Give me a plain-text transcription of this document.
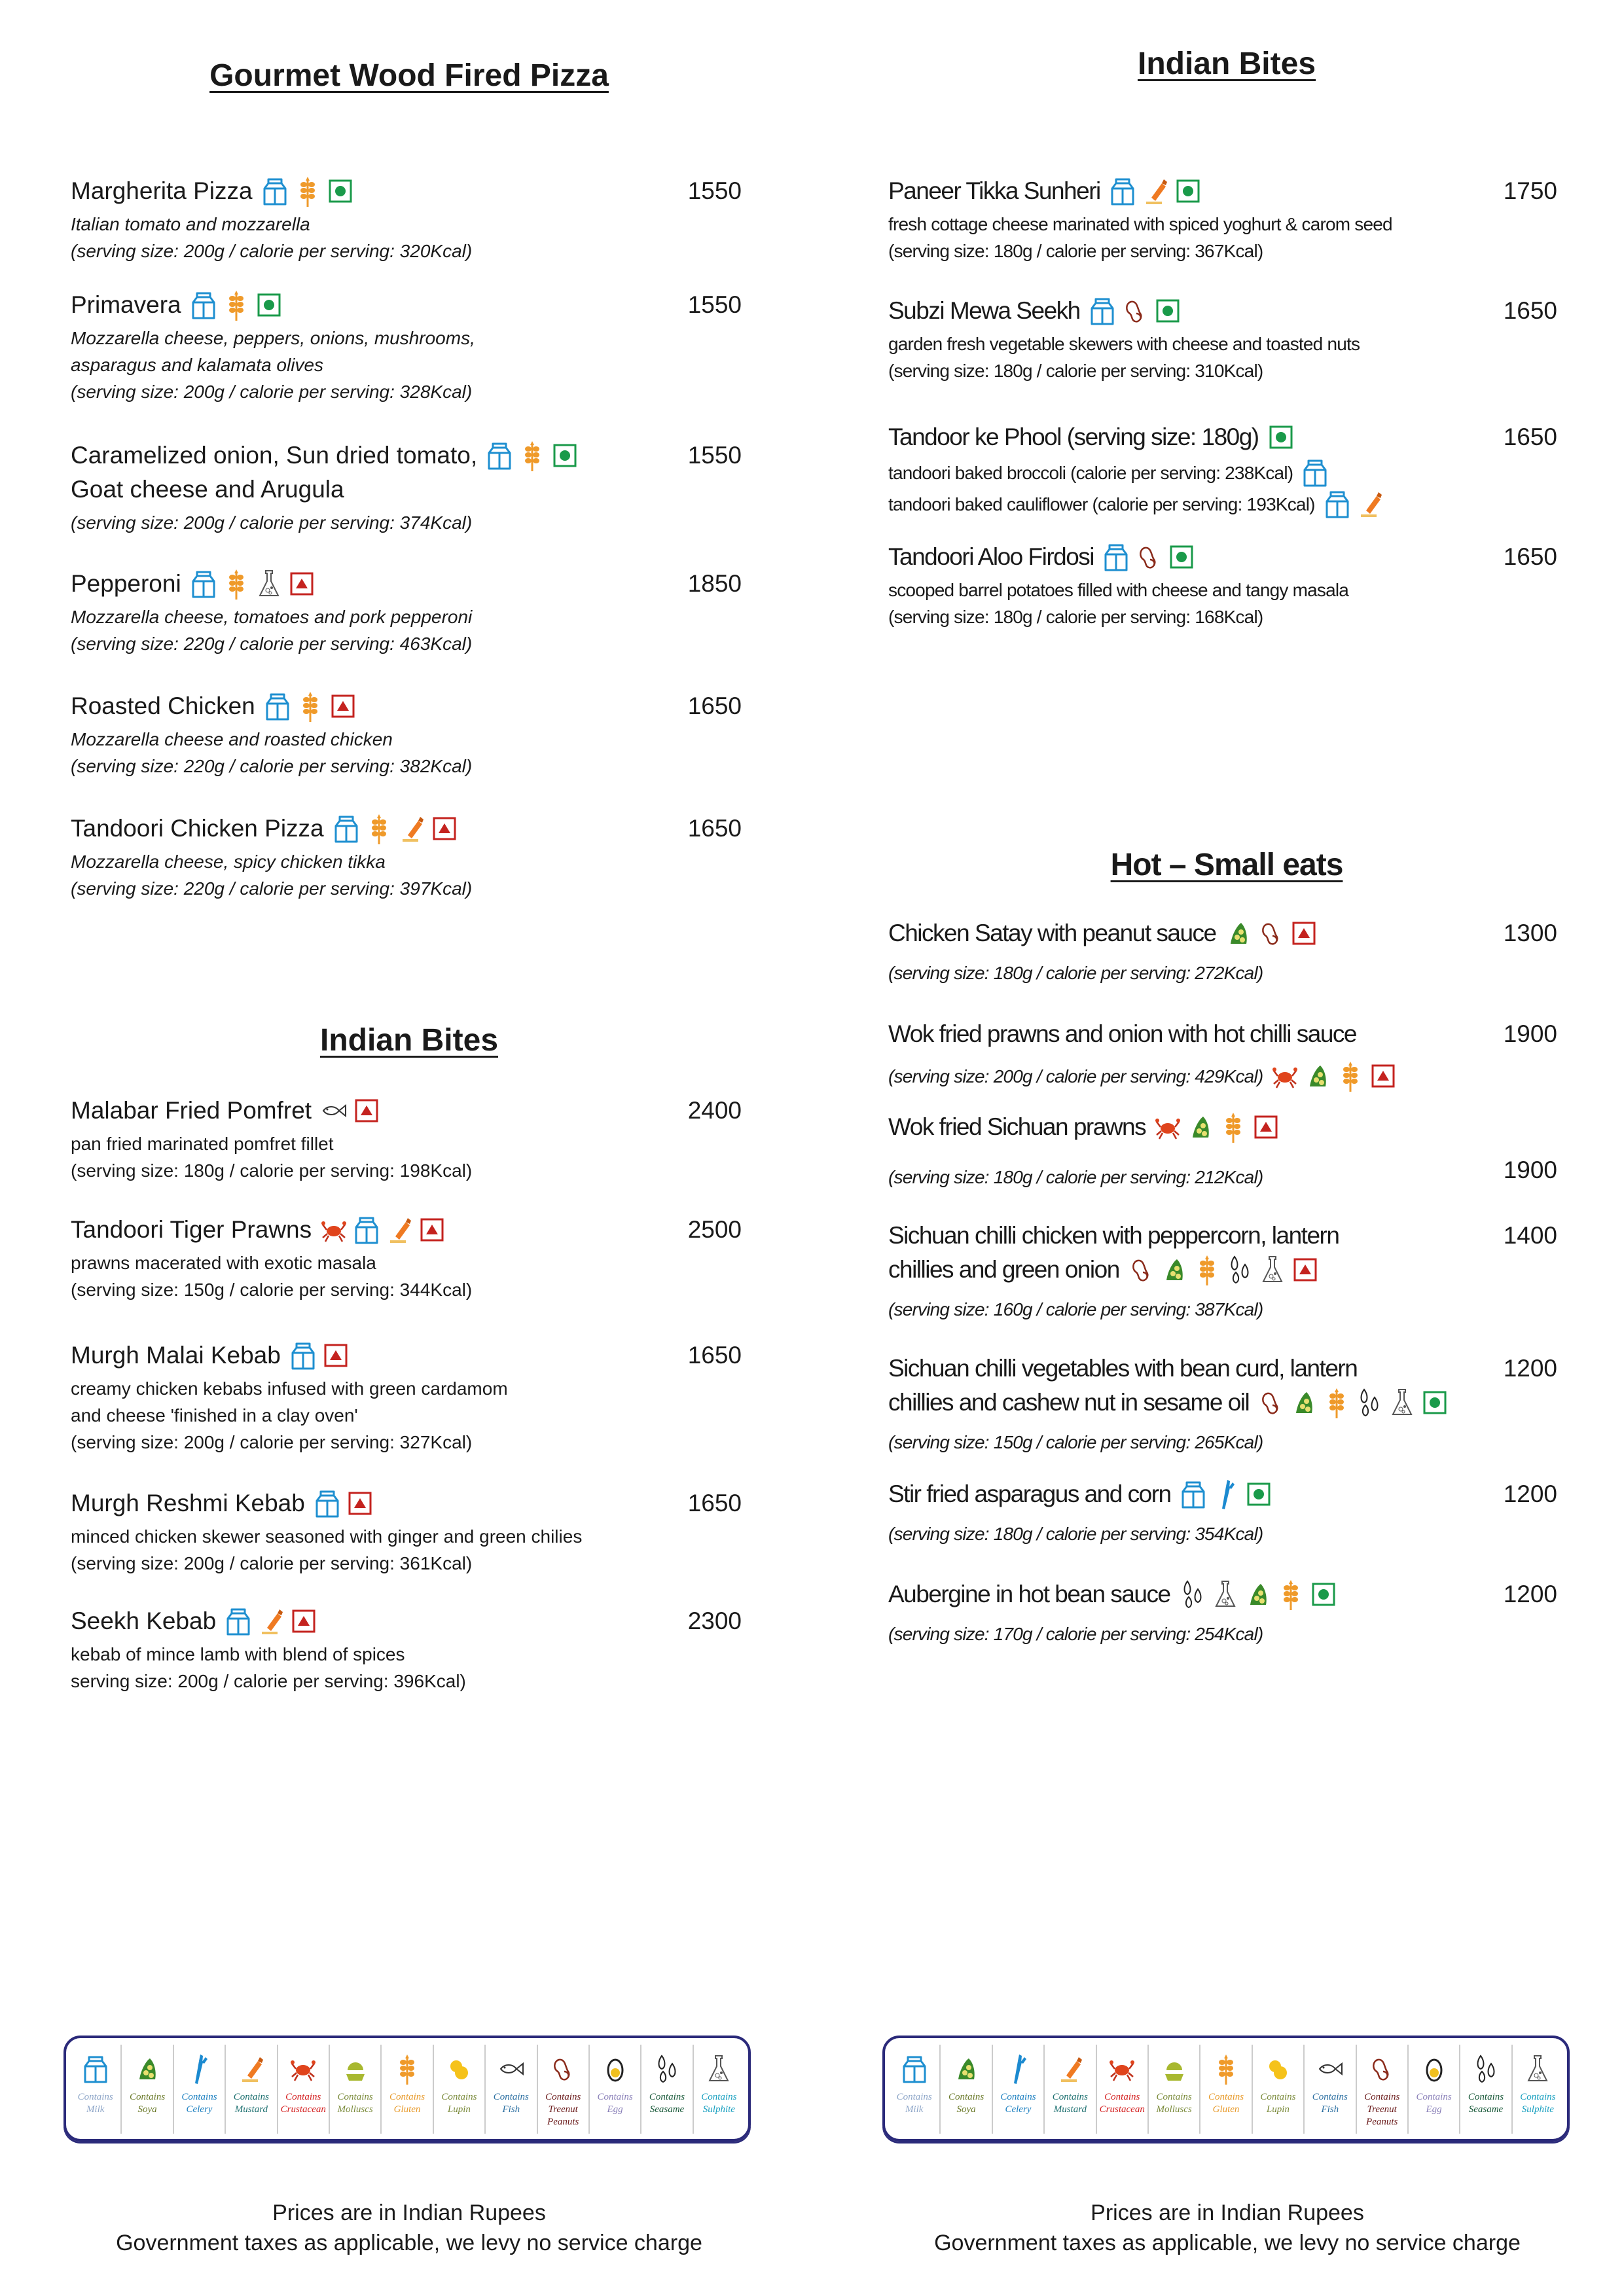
Gourmet Wood Fired Pizza
Indian Bites
Indian Bites
Hot – Small eats
Margherita Pizza
Italian tomato and mozzarella
(serving size: 200g / calorie per serving: 320Kcal)
1550
Primavera
Mozzarella cheese, peppers, onions, mushrooms,
asparagus and kalamata olives
(serving size: 200g / calorie per serving: 328Kcal)
1550
Caramelized onion, Sun dried tomato,
Goat cheese and Arugula
(serving size: 200g / calorie per serving: 374Kcal)
1550
Pepperoni
Mozzarella cheese, tomatoes and pork pepperoni
(serving size: 220g / calorie per serving: 463Kcal)
1850
Roasted Chicken
Mozzarella cheese and roasted chicken
(serving size: 220g / calorie per serving: 382Kcal)
1650
Tandoori Chicken Pizza
Mozzarella cheese, spicy chicken tikka
(serving size: 220g / calorie per serving: 397Kcal)
1650
Malabar Fried Pomfret
pan fried marinated pomfret fillet
(serving size: 180g / calorie per serving: 198Kcal)
2400
Tandoori Tiger Prawns
prawns macerated with exotic masala
(serving size: 150g / calorie per serving: 344Kcal)
2500
Murgh Malai Kebab
creamy chicken kebabs infused with green cardamom
and cheese 'finished in a clay oven'
(serving size: 200g / calorie per serving: 327Kcal)
1650
Murgh Reshmi Kebab
minced chicken skewer seasoned with ginger and green chilies
(serving size: 200g / calorie per serving: 361Kcal)
1650
Seekh Kebab
kebab of mince lamb with blend of spices
serving size: 200g / calorie per serving: 396Kcal)
2300
Paneer Tikka Sunheri
fresh cottage cheese marinated with spiced yoghurt & carom seed
(serving size: 180g / calorie per serving: 367Kcal)
1750
Subzi Mewa Seekh
garden fresh vegetable skewers with cheese and toasted nuts
(serving size: 180g / calorie per serving: 310Kcal)
1650
Tandoor ke Phool (serving size: 180g)
tandoori baked broccoli (calorie per serving: 238Kcal)
tandoori baked cauliflower (calorie per serving: 193Kcal)
1650
Tandoori Aloo Firdosi
scooped barrel potatoes filled with cheese and tangy masala
(serving size: 180g / calorie per serving: 168Kcal)
1650
Chicken Satay with peanut sauce
(serving size: 180g / calorie per serving: 272Kcal)
1300
Wok fried prawns and onion with hot chilli sauce
(serving size: 200g / calorie per serving: 429Kcal)
1900
Wok fried Sichuan prawns
(serving size: 180g / calorie per serving: 212Kcal)	1900
Sichuan chilli chicken with peppercorn, lantern
chillies and green onion
(serving size: 160g / calorie per serving: 387Kcal)
1400
Sichuan chilli vegetables with bean curd, lantern
chillies and cashew nut in sesame oil
(serving size: 150g / calorie per serving: 265Kcal)
1200
Stir fried asparagus and corn
(serving size: 180g / calorie per serving: 354Kcal)
1200
Aubergine in hot bean sauce
(serving size: 170g / calorie per serving: 254Kcal)
1200
Contains
Milk
Contains
Soya
Contains
Celery
Contains
Mustard
Contains
Crustacean
Contains
Molluscs
Contains
Gluten
Contains
Lupin
Contains
Fish
Contains
Treenut
Peanuts
Contains
Egg
Contains
Seasame
Contains
Sulphite
Contains
Milk
Contains
Soya
Contains
Celery
Contains
Mustard
Contains
Crustacean
Contains
Molluscs
Contains
Gluten
Contains
Lupin
Contains
Fish
Contains
Treenut
Peanuts
Contains
Egg
Contains
Seasame
Contains
Sulphite
Prices are in Indian Rupees
Government taxes as applicable, we levy no service charge
Prices are in Indian Rupees
Government taxes as applicable, we levy no service charge
